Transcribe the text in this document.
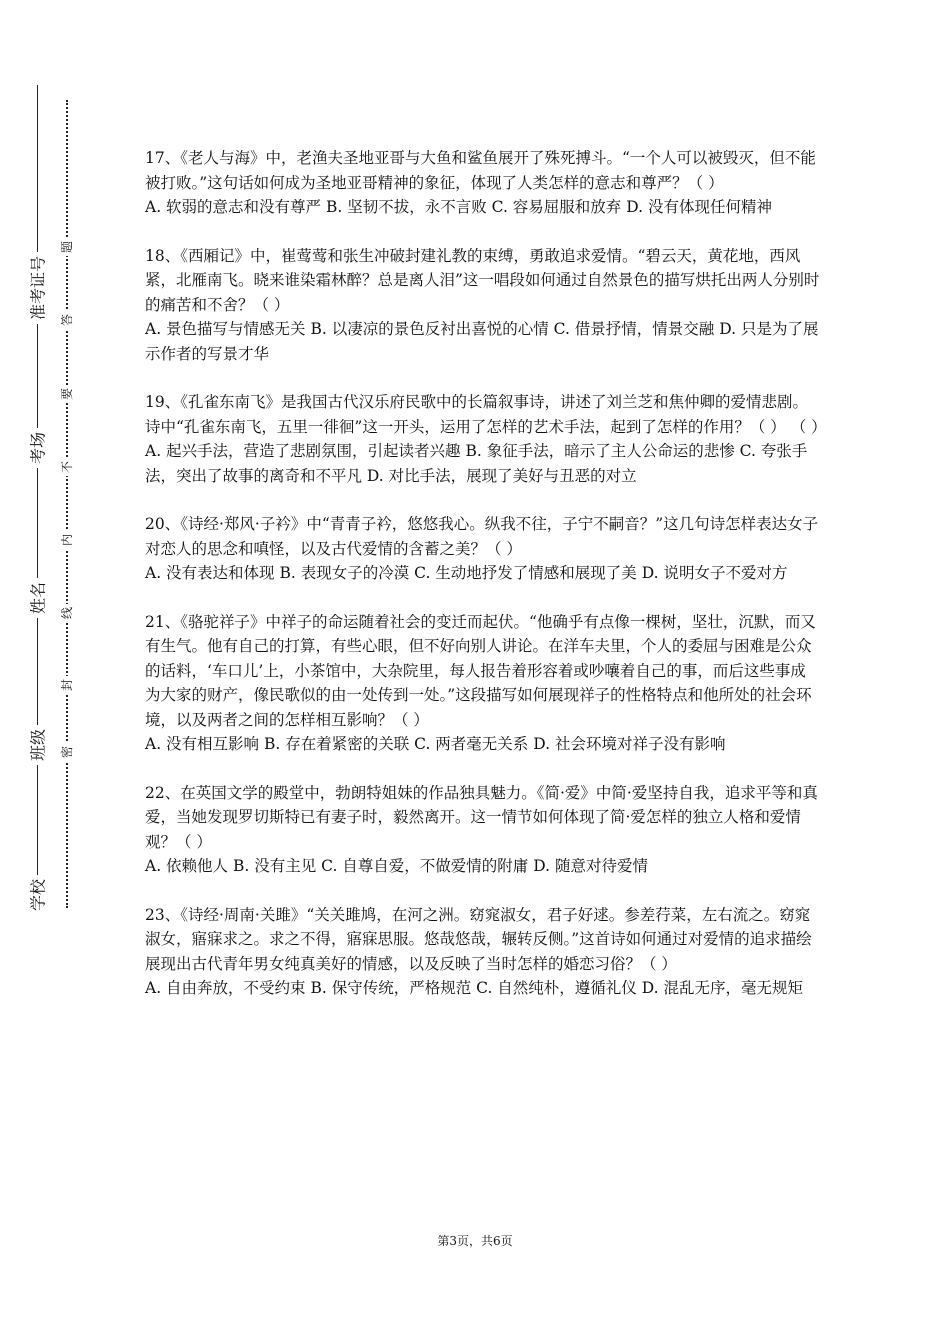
准考证号
考场
姓名
班级
学校
题
答
要
不
内
线
封
密

17、《老人与海》中，老渔夫圣地亚哥与大鱼和鲨鱼展开了殊死搏斗。“一个人可以被毁灭，但不能被打败。”这句话如何成为圣地亚哥精神的象征，体现了人类怎样的意志和尊严？（ ）

A. 软弱的意志和没有尊严 B. 坚韧不拔，永不言败 C. 容易屈服和放弃 D. 没有体现任何精神

18、《西厢记》中，崔莺莺和张生冲破封建礼教的束缚，勇敢追求爱情。“碧云天，黄花地，西风紧，北雁南飞。晓来谁染霜林醉？总是离人泪”这一唱段如何通过自然景色的描写烘托出两人分别时的痛苦和不舍？（ ）

A. 景色描写与情感无关 B. 以凄凉的景色反衬出喜悦的心情 C. 借景抒情，情景交融 D. 只是为了展示作者的写景才华

19、《孔雀东南飞》是我国古代汉乐府民歌中的长篇叙事诗，讲述了刘兰芝和焦仲卿的爱情悲剧。诗中“孔雀东南飞，五里一徘徊”这一开头，运用了怎样的艺术手法，起到了怎样的作用？（ ） （ ）

A. 起兴手法，营造了悲剧氛围，引起读者兴趣 B. 象征手法，暗示了主人公命运的悲惨 C. 夸张手法，突出了故事的离奇和不平凡 D. 对比手法，展现了美好与丑恶的对立

20、《诗经·郑风·子衿》中“青青子衿，悠悠我心。纵我不往，子宁不嗣音？”这几句诗怎样表达女子对恋人的思念和嗔怪，以及古代爱情的含蓄之美？（ ）

A. 没有表达和体现 B. 表现女子的冷漠 C. 生动地抒发了情感和展现了美 D. 说明女子不爱对方

21、《骆驼祥子》中祥子的命运随着社会的变迁而起伏。“他确乎有点像一棵树，坚壮，沉默，而又有生气。他有自己的打算，有些心眼，但不好向别人讲论。在洋车夫里，个人的委屈与困难是公众的话料，‘车口儿’上，小茶馆中，大杂院里，每人报告着形容着或吵嚷着自己的事，而后这些事成为大家的财产，像民歌似的由一处传到一处。”这段描写如何展现祥子的性格特点和他所处的社会环境，以及两者之间的怎样相互影响？（ ）

A. 没有相互影响 B. 存在着紧密的关联 C. 两者毫无关系 D. 社会环境对祥子没有影响

22、在英国文学的殿堂中，勃朗特姐妹的作品独具魅力。《简·爱》中简·爱坚持自我，追求平等和真爱，当她发现罗切斯特已有妻子时，毅然离开。这一情节如何体现了简·爱怎样的独立人格和爱情观？（ ）

A. 依赖他人 B. 没有主见 C. 自尊自爱，不做爱情的附庸 D. 随意对待爱情

23、《诗经·周南·关雎》“关关雎鸠，在河之洲。窈窕淑女，君子好逑。参差荇菜，左右流之。窈窕淑女，寤寐求之。求之不得，寤寐思服。悠哉悠哉，辗转反侧。”这首诗如何通过对爱情的追求描绘展现出古代青年男女纯真美好的情感，以及反映了当时怎样的婚恋习俗？（ ）

A. 自由奔放，不受约束 B. 保守传统，严格规范 C. 自然纯朴，遵循礼仪 D. 混乱无序，毫无规矩

第3页，共6页
